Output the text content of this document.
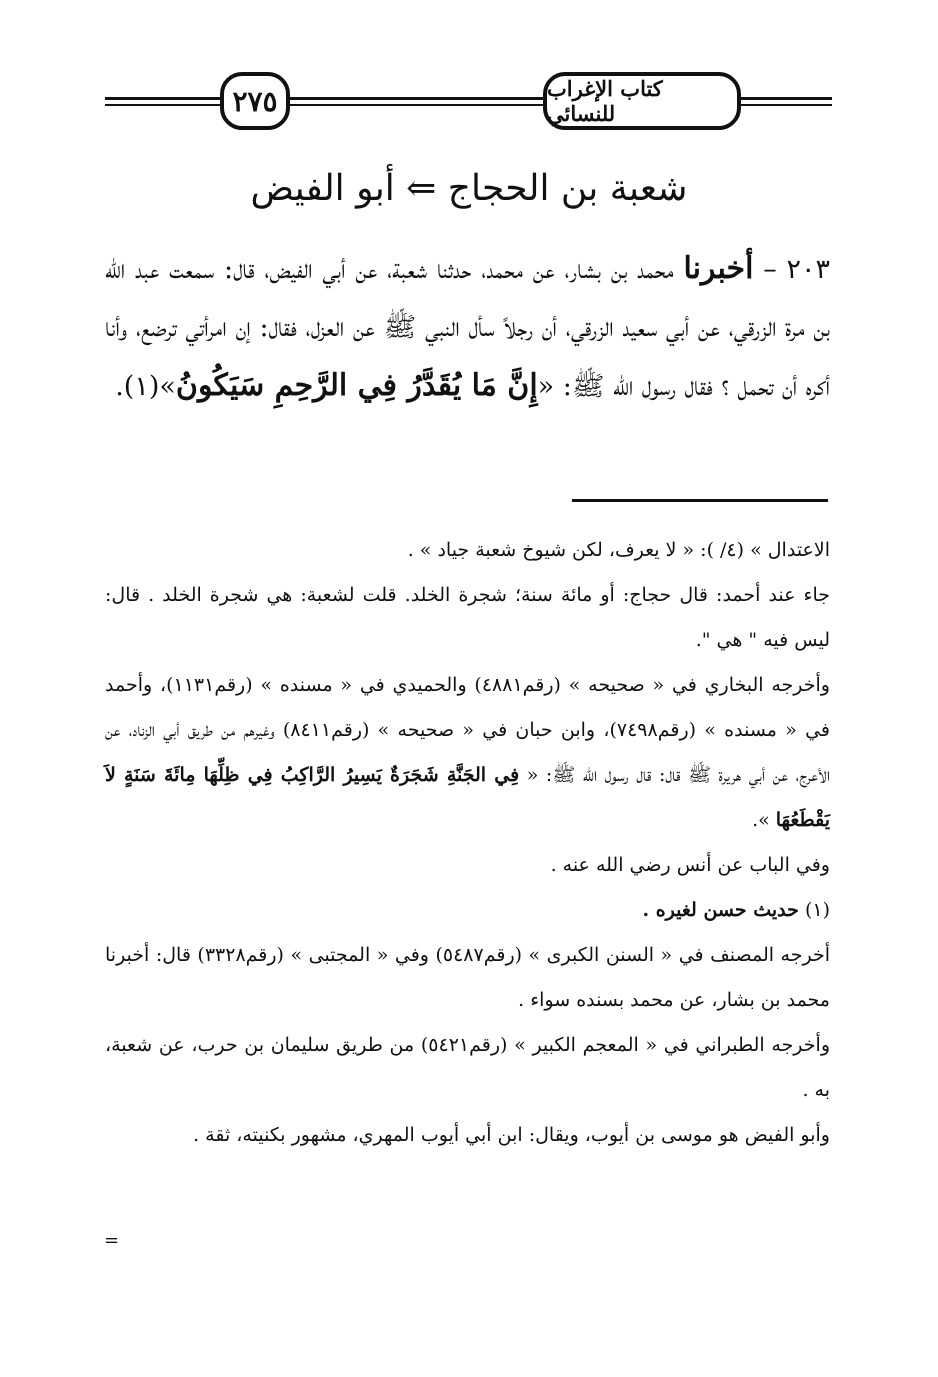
٢٧٥	كتاب الإغراب للنسائي
شعبة بن الحجاج ⇐ أبو الفيض

٢٠٣ – أخبرنا محمد بن بشار، عن محمد، حدثنا شعبة، عن أبي الفيض، قال: سمعت عبد الله بن مرة الزرقي، عن أبي سعيد الزرقي، أن رجلاً سأل النبي ﷺ عن العزل، فقال: إن امرأتي ترضع، وأنا أكره أن تحمل ؟ فقال رسول الله ﷺ: «إِنَّ مَا يُقَدَّرُ فِي الرَّحِمِ سَيَكُونُ»(١).

الاعتدال » (٤/ ): « لا يعرف، لكن شيوخ شعبة جياد » .

جاء عند أحمد: قال حجاج: أو مائة سنة؛ شجرة الخلد. قلت لشعبة: هي شجرة الخلد . قال: ليس فيه " هي ".

وأخرجه البخاري في « صحيحه » (رقم٤٨٨١) والحميدي في « مسنده » (رقم١١٣١)، وأحمد في « مسنده » (رقم٧٤٩٨)، وابن حبان في « صحيحه » (رقم٨٤١١) وغيرهم من طريق أبي الزناد، عن الأعرج، عن أبي هريرة ﷺ قال: قال رسول الله ﷺ: « فِي الجَنَّةِ شَجَرَةٌ يَسِيرُ الرَّاكِبُ فِي ظِلِّهَا مِائَةَ سَنَةٍ لاَ يَقْطَعُهَا ».

وفي الباب عن أنس رضي الله عنه .

(١) حديث حسن لغيره .

أخرجه المصنف في « السنن الكبرى » (رقم٥٤٨٧) وفي « المجتبى » (رقم٣٣٢٨) قال: أخبرنا محمد بن بشار، عن محمد بسنده سواء .

وأخرجه الطبراني في « المعجم الكبير » (رقم٥٤٢١) من طريق سليمان بن حرب، عن شعبة، به .

وأبو الفيض هو موسى بن أيوب، ويقال: ابن أبي أيوب المهري، مشهور بكنيته، ثقة .

=
